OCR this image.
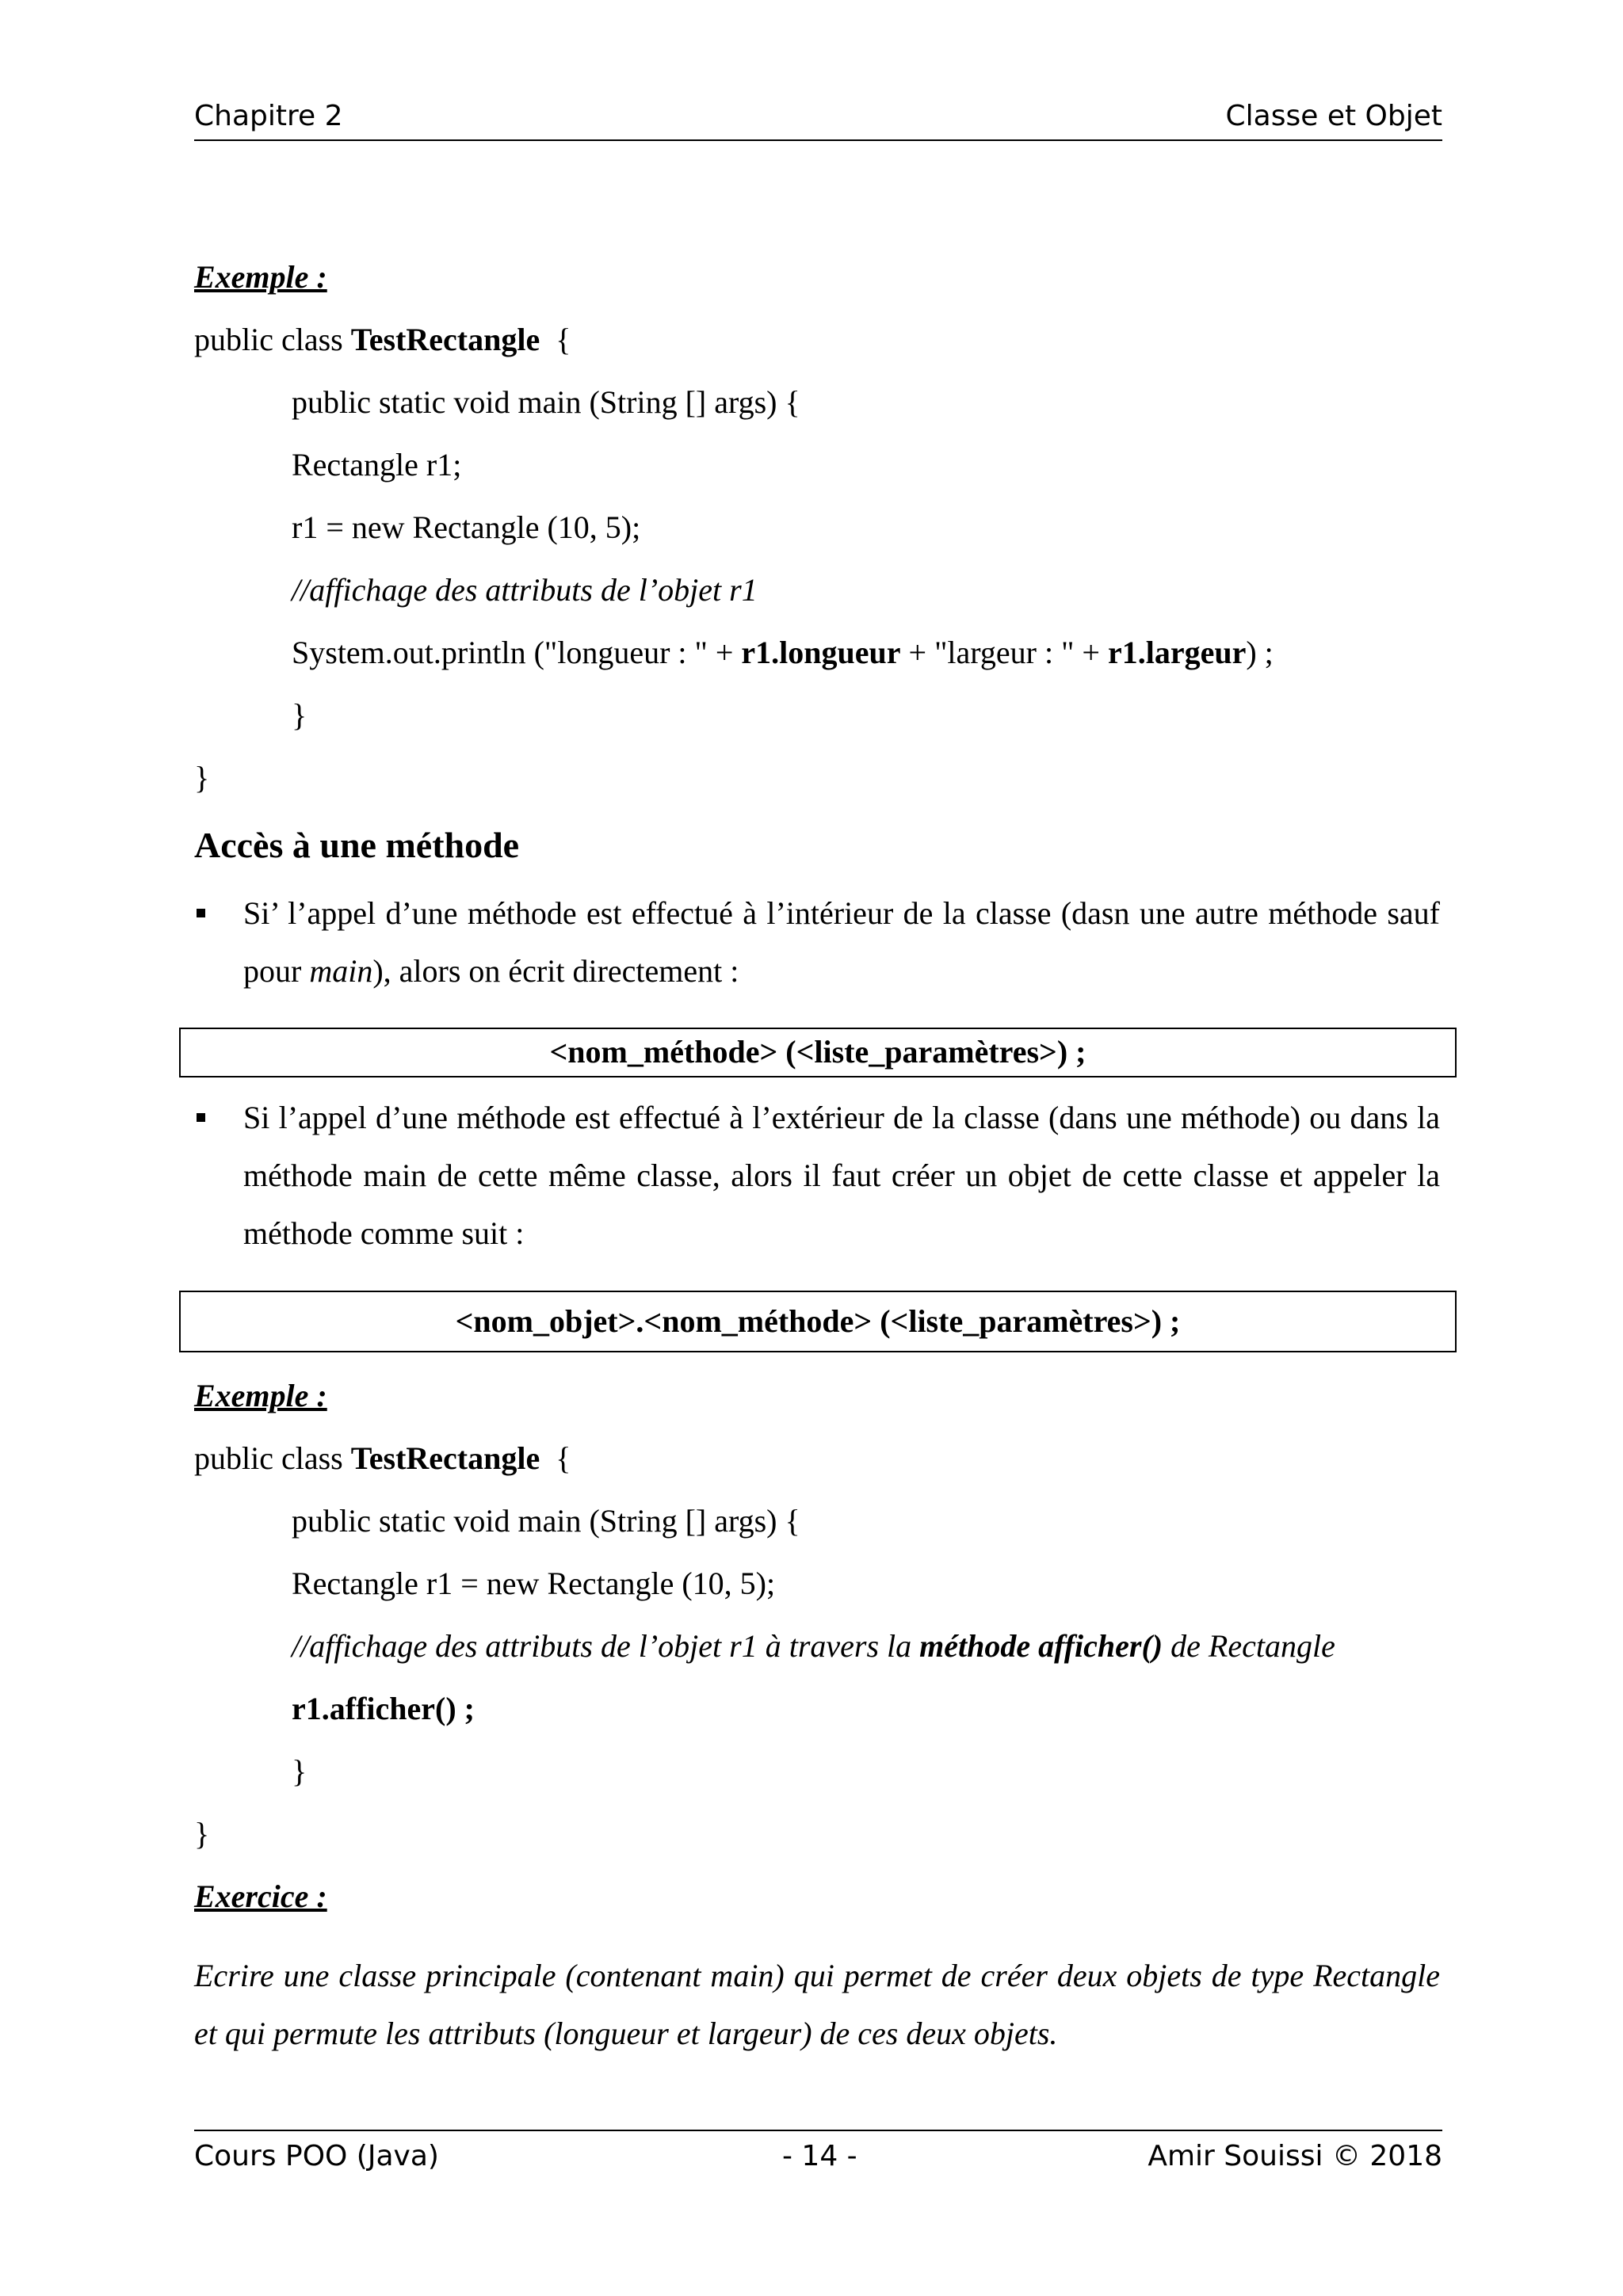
Chapitre 2	Classe et Objet
Exemple :
public class TestRectangle  {
public static void main (String [] args) {
Rectangle r1;
r1 = new Rectangle (10, 5);
//affichage des attributs de l’objet r1
System.out.println ("longueur : " + r1.longueur + "largeur : " + r1.largeur) ;
}
}
Accès à une méthode
Si’ l’appel d’une méthode est effectué à l’intérieur de la classe (dasn une autre méthode sauf pour main), alors on écrit directement :
<nom_méthode> (<liste_paramètres>) ;
Si l’appel d’une méthode est effectué à l’extérieur de la classe (dans une méthode) ou dans la méthode main de cette même classe, alors il faut créer un objet de cette classe et appeler la méthode comme suit :
<nom_objet>.<nom_méthode> (<liste_paramètres>) ;
Exemple :
public class TestRectangle  {
public static void main (String [] args) {
Rectangle r1 = new Rectangle (10, 5);
//affichage des attributs de l’objet r1 à travers la méthode afficher() de Rectangle
r1.afficher() ;
}
}
Exercice :
Ecrire une classe principale (contenant main) qui permet de créer deux objets de type Rectangle et qui permute les attributs (longueur et largeur) de ces deux objets.
Cours POO (Java)	- 14 -	Amir Souissi © 2018
